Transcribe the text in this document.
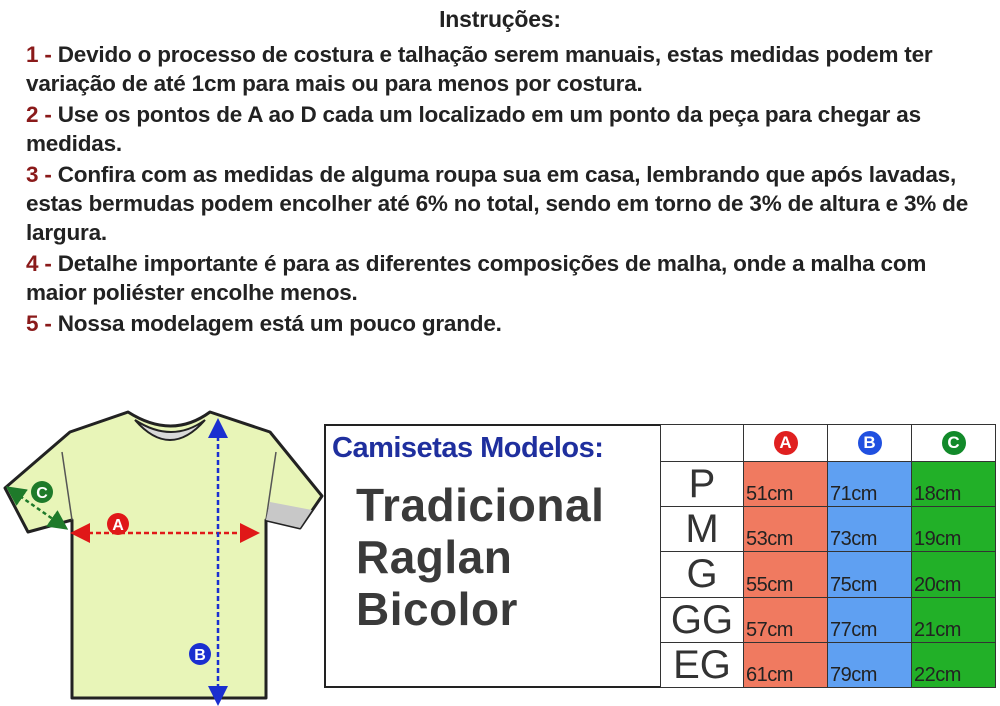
Instruções:

1 - Devido o processo de costura e talhação serem manuais, estas medidas podem ter variação de até 1cm para mais ou para menos por costura.

2 - Use os pontos de A ao D cada um localizado em um ponto da peça para chegar as medidas.

3 - Confira com as medidas de alguma roupa sua em casa, lembrando que após lavadas, estas bermudas podem encolher até 6% no total, sendo em torno de 3% de altura e 3% de largura.

4 - Detalhe importante é para as diferentes composições de malha, onde a malha com maior poliéster encolhe menos.

5 - Nossa modelagem está um pouco grande.

A
B
C
Camisetas Modelos:
Tradicional
Raglan
Bicolor
	A	B	C
P	51cm	71cm	18cm
M	53cm	73cm	19cm
G	55cm	75cm	20cm
GG	57cm	77cm	21cm
EG	61cm	79cm	22cm
